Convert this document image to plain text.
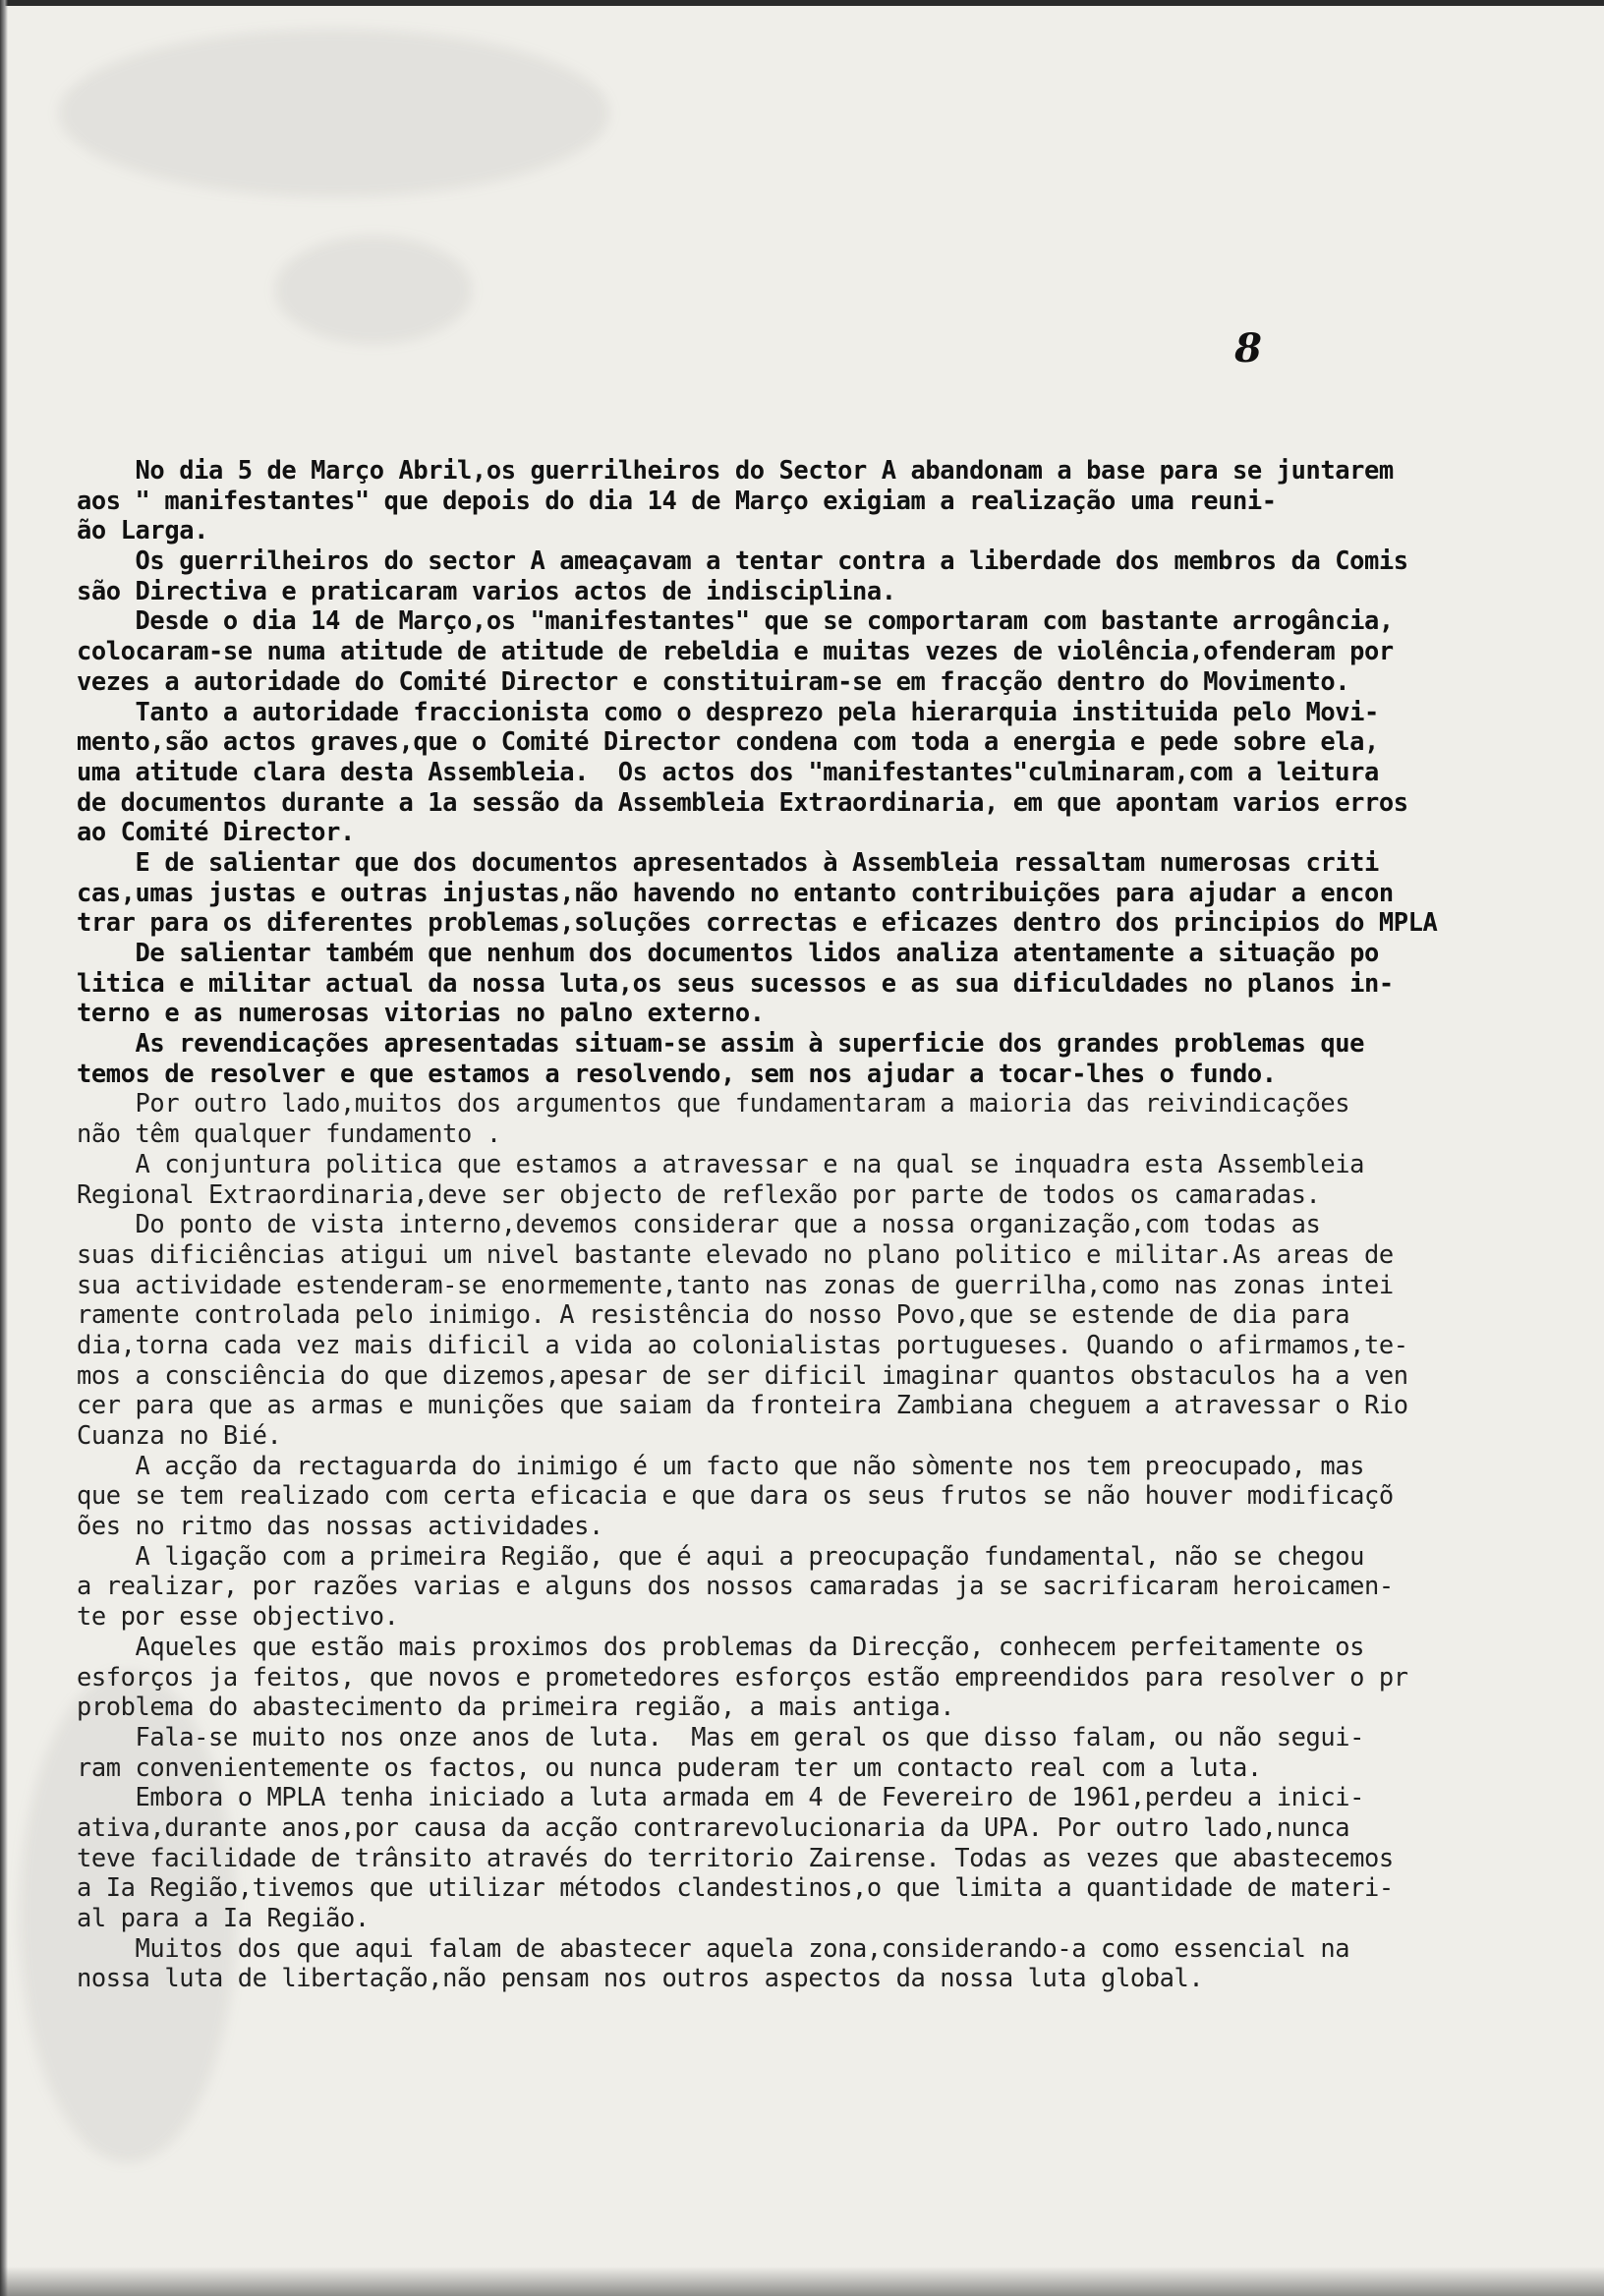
8
No dia 5 de Março Abril,os guerrilheiros do Sector A abandonam a base para se juntarem
aos " manifestantes" que depois do dia 14 de Março exigiam a realização uma reuni-
ão Larga.
Os guerrilheiros do sector A ameaçavam a tentar contra a liberdade dos membros da Comis
são Directiva e praticaram varios actos de indisciplina.
Desde o dia 14 de Março,os "manifestantes" que se comportaram com bastante arrogância,
colocaram-se numa atitude de atitude de rebeldia e muitas vezes de violência,ofenderam por
vezes a autoridade do Comité Director e constituiram-se em fracção dentro do Movimento.
Tanto a autoridade fraccionista como o desprezo pela hierarquia instituida pelo Movi-
mento,são actos graves,que o Comité Director condena com toda a energia e pede sobre ela,
uma atitude clara desta Assembleia.  Os actos dos "manifestantes"culminaram,com a leitura
de documentos durante a 1a sessão da Assembleia Extraordinaria, em que apontam varios erros
ao Comité Director.
E de salientar que dos documentos apresentados à Assembleia ressaltam numerosas criti
cas,umas justas e outras injustas,não havendo no entanto contribuições para ajudar a encon
trar para os diferentes problemas,soluções correctas e eficazes dentro dos principios do MPLA
De salientar também que nenhum dos documentos lidos analiza atentamente a situação po
litica e militar actual da nossa luta,os seus sucessos e as sua dificuldades no planos in-
terno e as numerosas vitorias no palno externo.
As revendicações apresentadas situam-se assim à superficie dos grandes problemas que
temos de resolver e que estamos a resolvendo, sem nos ajudar a tocar-lhes o fundo.
Por outro lado,muitos dos argumentos que fundamentaram a maioria das reivindicações
não têm qualquer fundamento .
A conjuntura politica que estamos a atravessar e na qual se inquadra esta Assembleia
Regional Extraordinaria,deve ser objecto de reflexão por parte de todos os camaradas.
Do ponto de vista interno,devemos considerar que a nossa organização,com todas as
suas dificiências atigui um nivel bastante elevado no plano politico e militar.As areas de
sua actividade estenderam-se enormemente,tanto nas zonas de guerrilha,como nas zonas intei
ramente controlada pelo inimigo. A resistência do nosso Povo,que se estende de dia para
dia,torna cada vez mais dificil a vida ao colonialistas portugueses. Quando o afirmamos,te-
mos a consciência do que dizemos,apesar de ser dificil imaginar quantos obstaculos ha a ven
cer para que as armas e munições que saiam da fronteira Zambiana cheguem a atravessar o Rio
Cuanza no Bié.
A acção da rectaguarda do inimigo é um facto que não sòmente nos tem preocupado, mas
que se tem realizado com certa eficacia e que dara os seus frutos se não houver modificaçõ
ões no ritmo das nossas actividades.
A ligação com a primeira Região, que é aqui a preocupação fundamental, não se chegou
a realizar, por razões varias e alguns dos nossos camaradas ja se sacrificaram heroicamen-
te por esse objectivo.
Aqueles que estão mais proximos dos problemas da Direcção, conhecem perfeitamente os
esforços ja feitos, que novos e prometedores esforços estão empreendidos para resolver o pr
problema do abastecimento da primeira região, a mais antiga.
Fala-se muito nos onze anos de luta.  Mas em geral os que disso falam, ou não segui-
ram convenientemente os factos, ou nunca puderam ter um contacto real com a luta.
Embora o MPLA tenha iniciado a luta armada em 4 de Fevereiro de 1961,perdeu a inici-
ativa,durante anos,por causa da acção contrarevolucionaria da UPA. Por outro lado,nunca
teve facilidade de trânsito através do territorio Zairense. Todas as vezes que abastecemos
a Ia Região,tivemos que utilizar métodos clandestinos,o que limita a quantidade de materi-
al para a Ia Região.
Muitos dos que aqui falam de abastecer aquela zona,considerando-a como essencial na
nossa luta de libertação,não pensam nos outros aspectos da nossa luta global.
